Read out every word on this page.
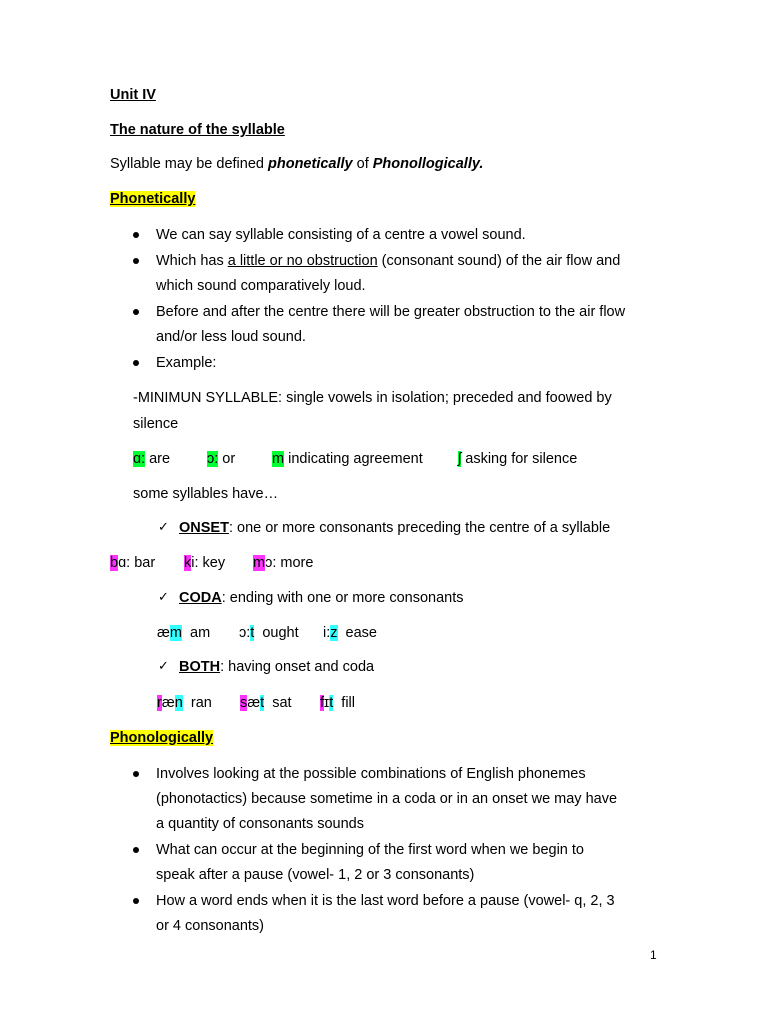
Unit IV
The nature of the syllable
Syllable may be defined phonetically of Phonollogically.
Phonetically
We can say syllable consisting of a centre a vowel sound.
Which has a little or no obstruction (consonant sound) of the air flow and
which sound comparatively loud.
Before and after the centre there will be greater obstruction to the air flow
and/or less loud sound.
Example:
-MINIMUN SYLLABLE: single vowels in isolation; preceded and foowed by
silence
ɑ: are	ɔ: or	m indicating agreement ʃ asking for silence
some syllables have…
✓ ONSET: one or more consonants preceding the centre of a syllable
bɑ: bar ki: key mɔ: more
✓ CODA: ending with one or more consonants
æm  am ɔ:t  ought i:z  ease
✓ BOTH: having onset and coda
ræn  ran sæt  sat fɪt  fill
Phonologically
Involves looking at the possible combinations of English phonemes
(phonotactics) because sometime in a coda or in an onset we may have
a quantity of consonants sounds
What can occur at the beginning of the first word when we begin to
speak after a pause (vowel- 1, 2 or 3 consonants)
How a word ends when it is the last word before a pause (vowel- q, 2, 3
or 4 consonants)
1
